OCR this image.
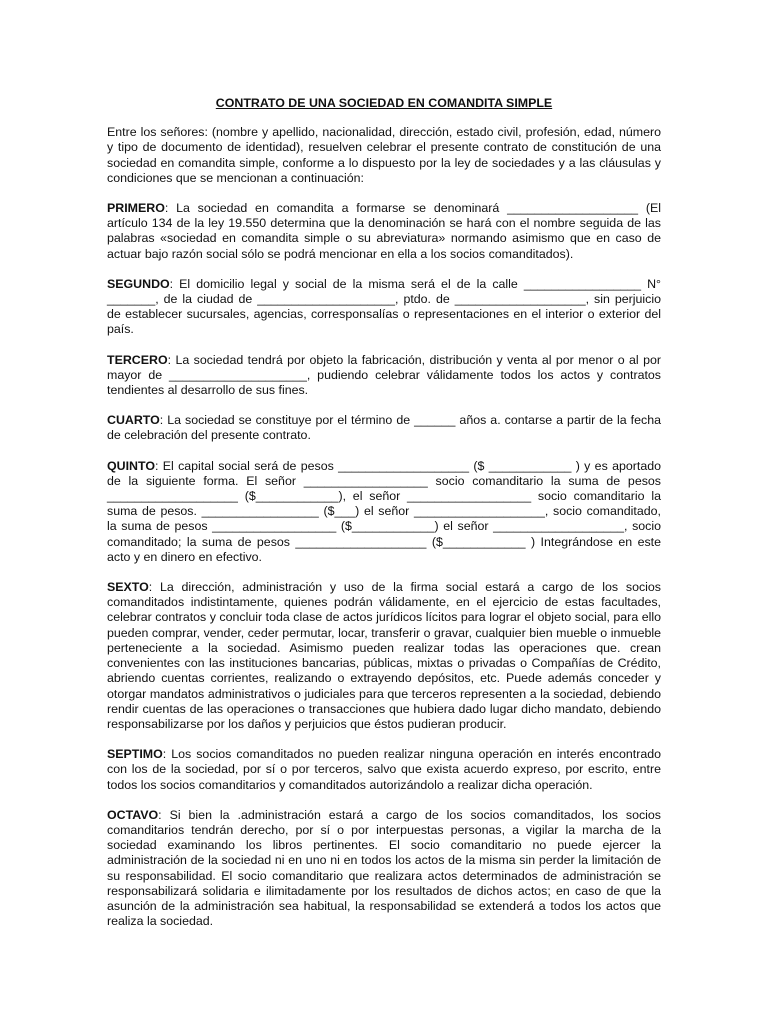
CONTRATO DE UNA SOCIEDAD EN COMANDITA SIMPLE

Entre los señores: (nombre y apellido, nacionalidad, dirección, estado civil, profesión, edad, número y tipo de documento de identidad), resuelven celebrar el presente contrato de constitución de una sociedad en comandita simple, conforme a lo dispuesto por la ley de sociedades y a las cláusulas y condiciones que se mencionan a continuación:

PRIMERO: La sociedad en comandita a formarse se denominará ___________________ (El artículo 134 de la ley 19.550 determina que la denominación se hará con el nombre seguida de las palabras «sociedad en comandita simple o su abreviatura» normando asimismo que en caso de actuar bajo razón social sólo se podrá mencionar en ella a los socios comanditados).

SEGUNDO: El domicilio legal y social de la misma será el de la calle _________________ N° _______, de la ciudad de ____________________, ptdo. de ___________________, sin perjuicio de establecer sucursales, agencias, corresponsalías o representaciones en el interior o exterior del país.

TERCERO: La sociedad tendrá por objeto la fabricación, distribución y venta al por menor o al por mayor de ____________________, pudiendo celebrar válidamente todos los actos y contratos tendientes al desarrollo de sus fines.

CUARTO: La sociedad se constituye por el término de ______ años a. contarse a partir de la fecha de celebración del presente contrato.

QUINTO: El capital social será de pesos ___________________ ($ ____________ ) y es aportado de la siguiente forma. El señor __________________ socio comanditario la suma de pesos ___________________ ($____________), el señor __________________ socio comanditario la suma de pesos. _________________ ($___) el señor ___________________, socio comanditado, la suma de pesos __________________ ($____________) el señor ___________________, socio comanditado; la suma de pesos ___________________ ($____________ ) Integrándose en este acto y en dinero en efectivo.

SEXTO: La dirección, administración y uso de la firma social estará a cargo de los socios comanditados indistintamente, quienes podrán válidamente, en el ejercicio de estas facultades, celebrar contratos y concluir toda clase de actos jurídicos lícitos para lograr el objeto social, para ello pueden comprar, vender, ceder permutar, locar, transferir o gravar, cualquier bien mueble o inmueble perteneciente a la sociedad. Asimismo pueden realizar todas las operaciones que. crean convenientes con las instituciones bancarias, públicas, mixtas o privadas o Compañías de Crédito, abriendo cuentas corrientes, realizando o extrayendo depósitos, etc. Puede además conceder y otorgar mandatos administrativos o judiciales para que terceros representen a la sociedad, debiendo rendir cuentas de las operaciones o transacciones que hubiera dado lugar dicho mandato, debiendo responsabilizarse por los daños y perjuicios que éstos pudieran producir.

SEPTIMO: Los socios comanditados no pueden realizar ninguna operación en interés encontrado con los de la sociedad, por sí o por terceros, salvo que exista acuerdo expreso, por escrito, entre todos los socios comanditarios y comanditados autorizándolo a realizar dicha operación.

OCTAVO: Si bien la .administración estará a cargo de los socios comanditados, los socios comanditarios tendrán derecho, por sí o por interpuestas personas, a vigilar la marcha de la sociedad examinando los libros pertinentes. El socio comanditario no puede ejercer la administración de la sociedad ni en uno ni en todos los actos de la misma sin perder la limitación de su responsabilidad. El socio comanditario que realizara actos determinados de administración se responsabilizará solidaria e ilimitadamente por los resultados de dichos actos; en caso de que la asunción de la administración sea habitual, la responsabilidad se extenderá a todos los actos que realiza la sociedad.
